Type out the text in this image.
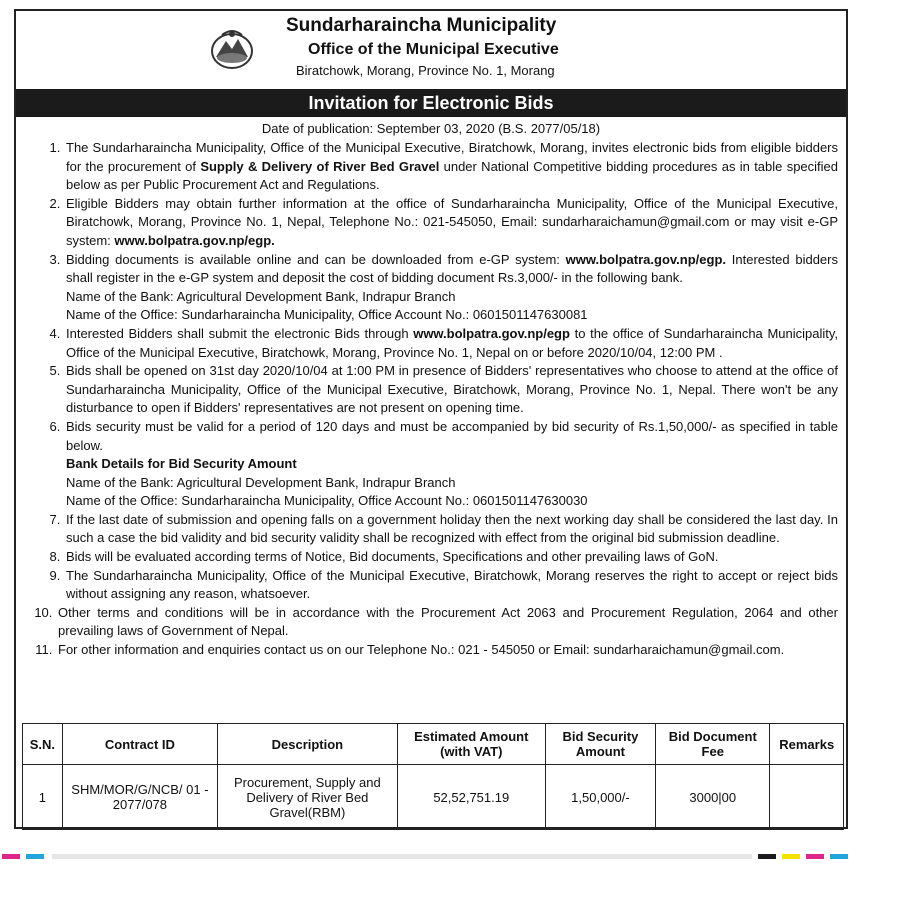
Sundarharaincha Municipality
Office of the Municipal Executive
Biratchowk, Morang, Province No. 1, Morang
Invitation for Electronic Bids
Date of publication: September 03, 2020 (B.S. 2077/05/18)
1. The Sundarharaincha Municipality, Office of the Municipal Executive, Biratchowk, Morang, invites electronic bids from eligible bidders for the procurement of Supply & Delivery of River Bed Gravel under National Competitive bidding procedures as in table specified below as per Public Procurement Act and Regulations.
2. Eligible Bidders may obtain further information at the office of Sundarharaincha Municipality, Office of the Municipal Executive, Biratchowk, Morang, Province No. 1, Nepal, Telephone No.: 021-545050, Email: sundarharaichamun@gmail.com or may visit e-GP system: www.bolpatra.gov.np/egp.
3. Bidding documents is available online and can be downloaded from e-GP system: www.bolpatra.gov.np/egp. Interested bidders shall register in the e-GP system and deposit the cost of bidding document Rs.3,000/- in the following bank.
Name of the Bank: Agricultural Development Bank, Indrapur Branch
Name of the Office: Sundarharaincha Municipality, Office Account No.: 0601501147630081
4. Interested Bidders shall submit the electronic Bids through www.bolpatra.gov.np/egp to the office of Sundarharaincha Municipality, Office of the Municipal Executive, Biratchowk, Morang, Province No. 1, Nepal on or before 2020/10/04, 12:00 PM .
5. Bids shall be opened on 31st day 2020/10/04 at 1:00 PM in presence of Bidders' representatives who choose to attend at the office of Sundarharaincha Municipality, Office of the Municipal Executive, Biratchowk, Morang, Province No. 1, Nepal. There won't be any disturbance to open if Bidders' representatives are not present on opening time.
6. Bids security must be valid for a period of 120 days and must be accompanied by bid security of Rs.1,50,000/- as specified in table below.
Bank Details for Bid Security Amount
Name of the Bank: Agricultural Development Bank, Indrapur Branch
Name of the Office: Sundarharaincha Municipality, Office Account No.: 0601501147630030
7. If the last date of submission and opening falls on a government holiday then the next working day shall be considered the last day. In such a case the bid validity and bid security validity shall be recognized with effect from the original bid submission deadline.
8. Bids will be evaluated according terms of Notice, Bid documents, Specifications and other prevailing laws of GoN.
9. The Sundarharaincha Municipality, Office of the Municipal Executive, Biratchowk, Morang reserves the right to accept or reject bids without assigning any reason, whatsoever.
10. Other terms and conditions will be in accordance with the Procurement Act 2063 and Procurement Regulation, 2064 and other prevailing laws of Government of Nepal.
11. For other information and enquiries contact us on our Telephone No.: 021 - 545050 or Email: sundarharaichamun@gmail.com.
S.N.	Contract ID	Description	Estimated Amount (with VAT)	Bid Security Amount	Bid Document Fee	Remarks
1	SHM/MOR/G/NCB/ 01 - 2077/078	Procurement, Supply and Delivery of River Bed Gravel(RBM)	52,52,751.19	1,50,000/-	3000|00	
